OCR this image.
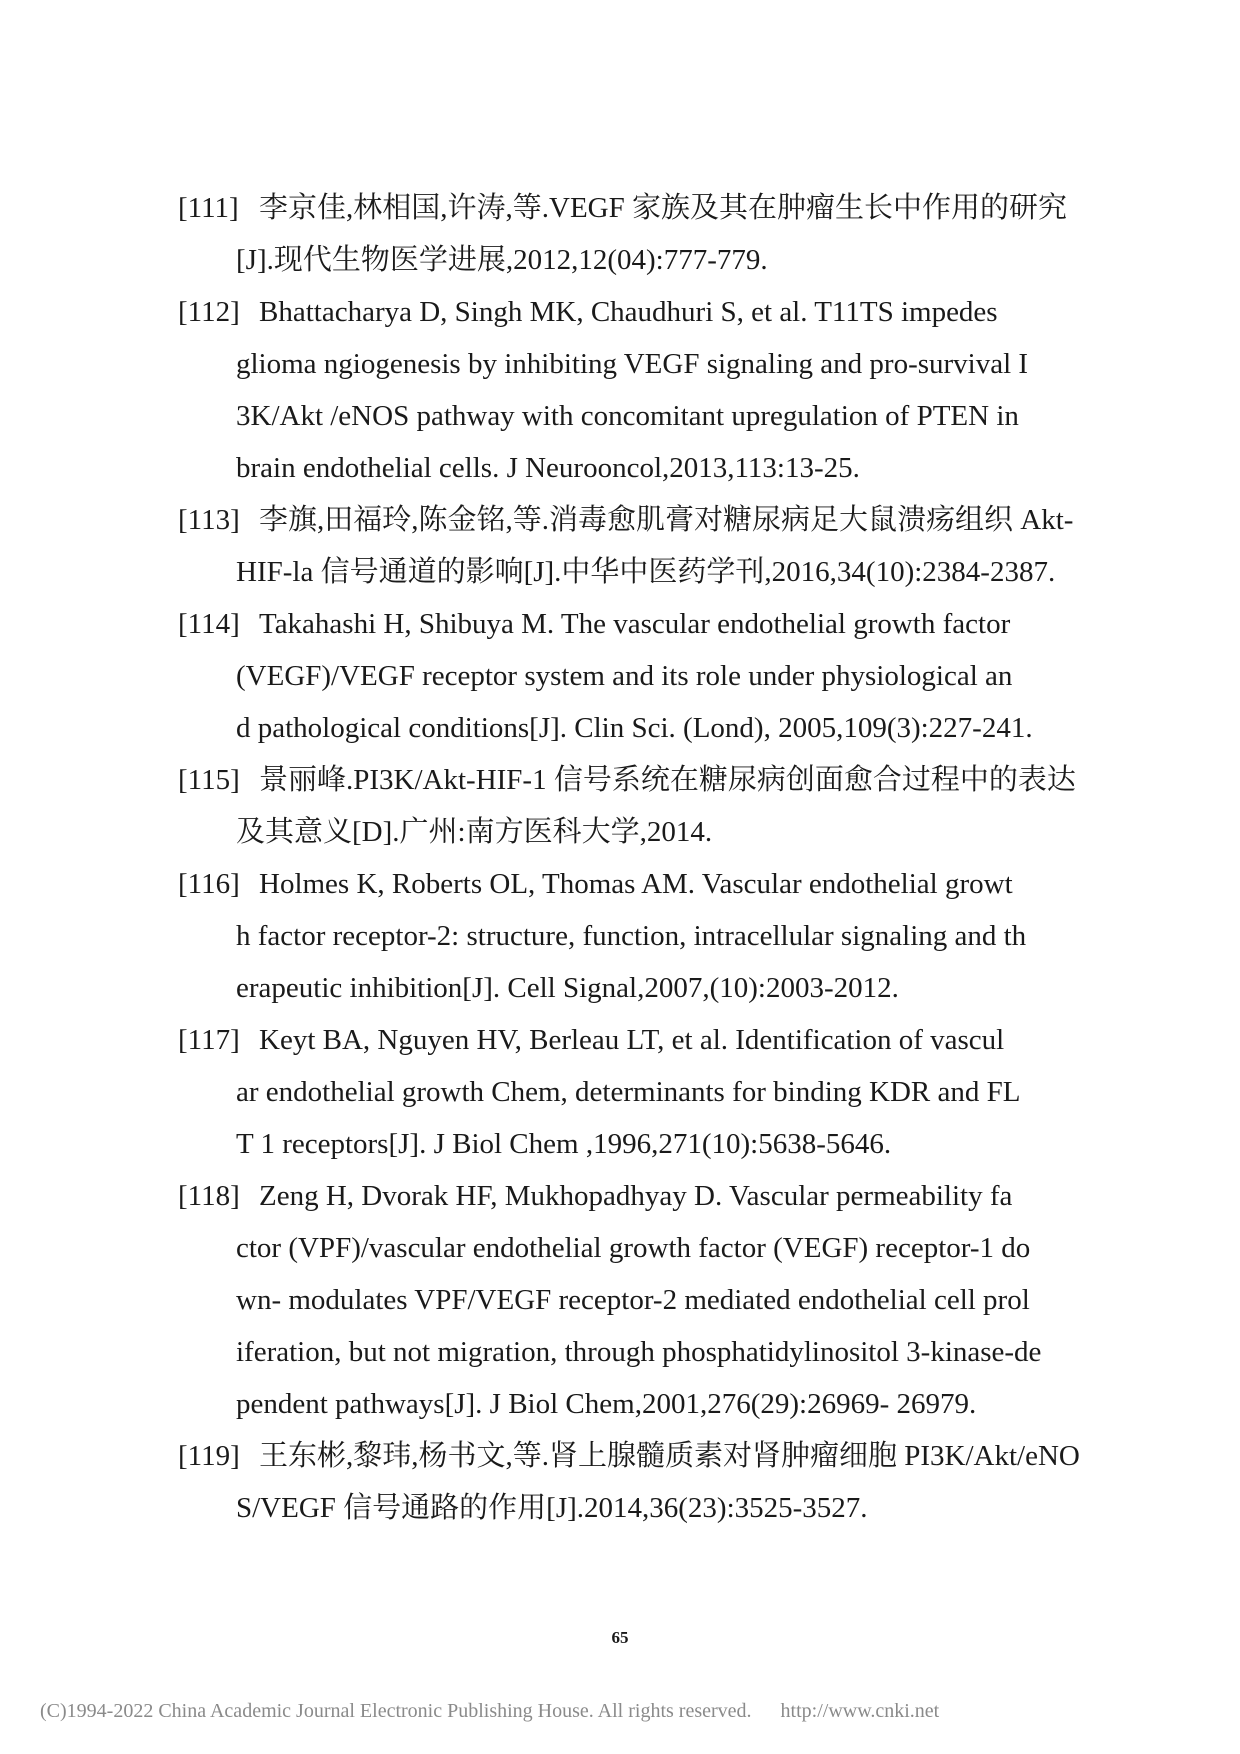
[111] 李京佳,林相国,许涛,等.VEGF 家族及其在肿瘤生长中作用的研究
[J].现代生物医学进展,2012,12(04):777-779.
[112] Bhattacharya D, Singh MK, Chaudhuri S, et al. T11TS impedes
glioma ngiogenesis by inhibiting VEGF signaling and pro-survival I
3K/Akt /eNOS pathway with concomitant upregulation of PTEN in
brain endothelial cells. J Neurooncol,2013,113:13-25.
[113] 李旗,田福玲,陈金铭,等.消毒愈肌膏对糖尿病足大鼠溃疡组织 Akt-
HIF-la 信号通道的影响[J].中华中医药学刊,2016,34(10):2384-2387.
[114] Takahashi H, Shibuya M. The vascular endothelial growth factor
(VEGF)/VEGF receptor system and its role under physiological an
d pathological conditions[J]. Clin Sci. (Lond), 2005,109(3):227-241.
[115] 景丽峰.PI3K/Akt-HIF-1 信号系统在糖尿病创面愈合过程中的表达
及其意义[D].广州:南方医科大学,2014.
[116] Holmes K, Roberts OL, Thomas AM. Vascular endothelial growt
h factor receptor-2: structure, function, intracellular signaling and th
erapeutic inhibition[J]. Cell Signal,2007,(10):2003-2012.
[117] Keyt BA, Nguyen HV, Berleau LT, et al. Identification of vascul
ar endothelial growth Chem, determinants for binding KDR and FL
T 1 receptors[J]. J Biol Chem ,1996,271(10):5638-5646.
[118] Zeng H, Dvorak HF, Mukhopadhyay D. Vascular permeability fa
ctor (VPF)/vascular endothelial growth factor (VEGF) receptor-1 do
wn- modulates VPF/VEGF receptor-2 mediated endothelial cell prol
iferation, but not migration, through phosphatidylinositol 3-kinase-de
pendent pathways[J]. J Biol Chem,2001,276(29):26969- 26979.
[119] 王东彬,黎玮,杨书文,等.肾上腺髓质素对肾肿瘤细胞 PI3K/Akt/eNO
S/VEGF 信号通路的作用[J].2014,36(23):3525-3527.
65
(C)1994-2022 China Academic Journal Electronic Publishing House. All rights reserved. http://www.cnki.net
